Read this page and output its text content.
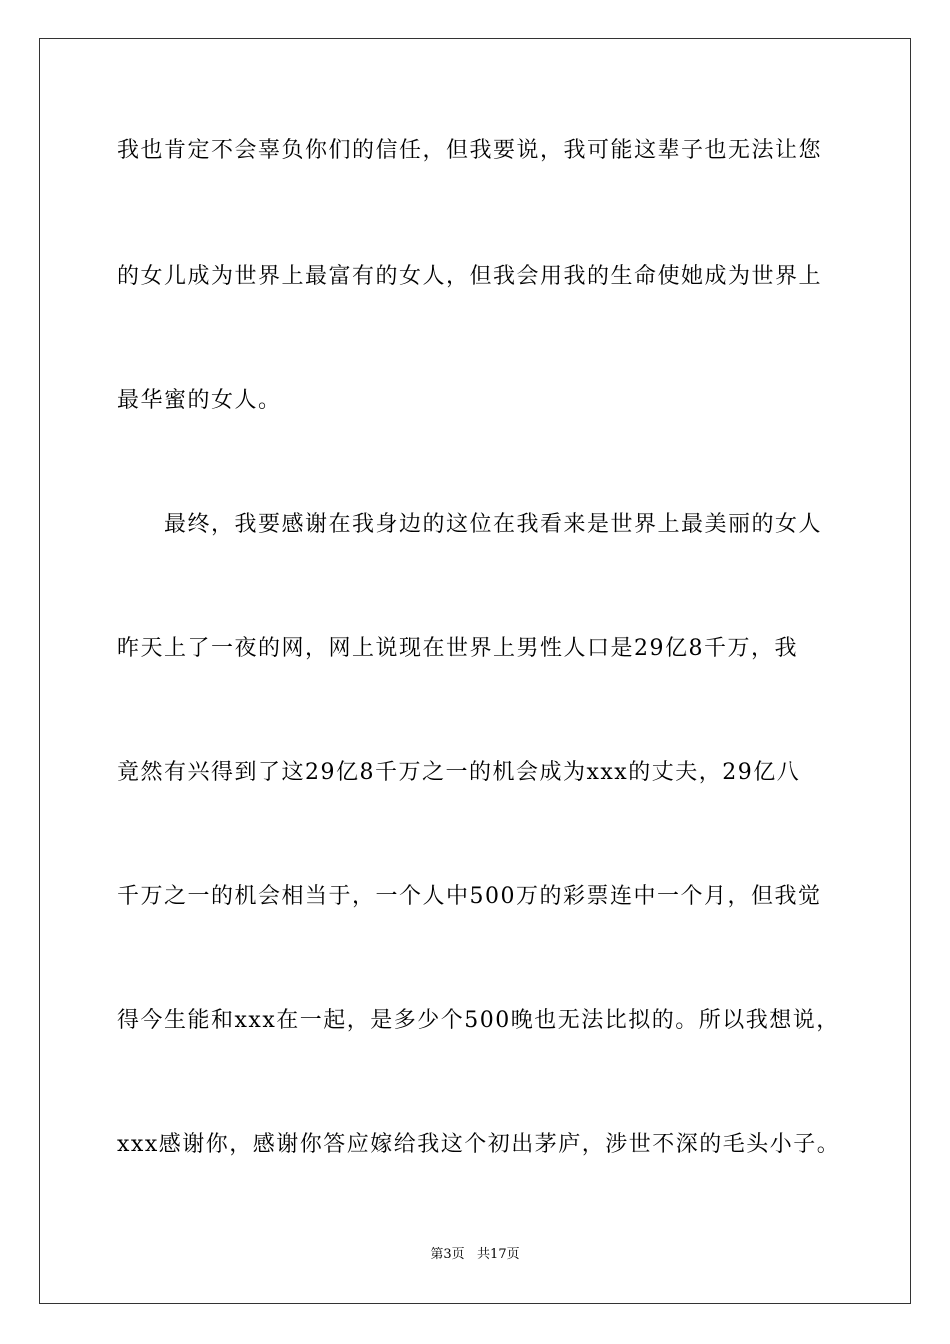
我也肯定不会辜负你们的信任，但我要说，我可能这辈子也无法让您
的女儿成为世界上最富有的女人，但我会用我的生命使她成为世界上
最华蜜的女人。
最终，我要感谢在我身边的这位在我看来是世界上最美丽的女人
昨天上了一夜的网，网上说现在世界上男性人口是29亿8千万，我
竟然有兴得到了这29亿8千万之一的机会成为xxx的丈夫，29亿八
千万之一的机会相当于，一个人中500万的彩票连中一个月，但我觉
得今生能和xxx在一起，是多少个500晚也无法比拟的。所以我想说，
xxx感谢你，感谢你答应嫁给我这个初出茅庐，涉世不深的毛头小子。
第3页   共17页
